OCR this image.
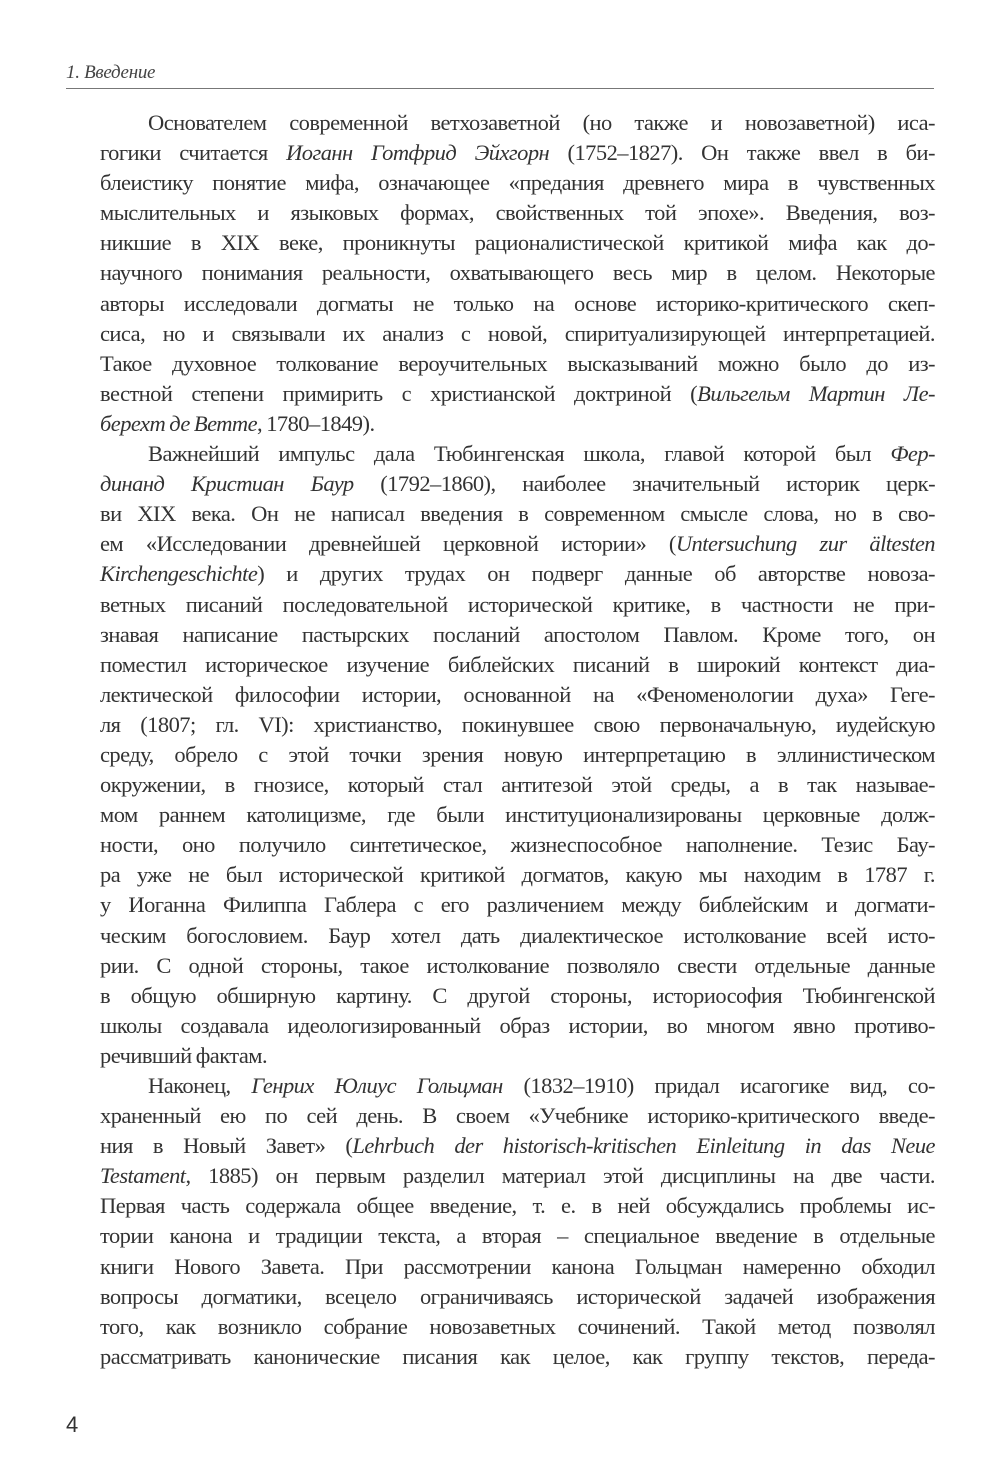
1. Введение
Основателем современной ветхозаветной (но также и новозаветной) иса-
гогики считается Иоганн Готфрид Эйхгорн (1752–1827). Он также ввел в би-
блеистику понятие мифа, означающее «предания древнего мира в чувственных
мыслительных и языковых формах, свойственных той эпохе». Введения, воз-
никшие в XIX веке, проникнуты рационалистической критикой мифа как до-
научного понимания реальности, охватывающего весь мир в целом. Некоторые
авторы исследовали догматы не только на основе историко-критического скеп-
сиса, но и связывали их анализ с новой, спиритуализирующей интерпретацией.
Такое духовное толкование вероучительных высказываний можно было до из-
вестной степени примирить с христианской доктриной (Вильгельм Мартин Ле-
берехт де Ветте, 1780–1849).
Важнейший импульс дала Тюбингенская школа, главой которой был Фер-
динанд Кристиан Баур (1792–1860), наиболее значительный историк церк-
ви XIX века. Он не написал введения в современном смысле слова, но в сво-
ем «Исследовании древнейшей церковной истории» (Untersuchung zur ältesten
Kirchengeschichte) и других трудах он подверг данные об авторстве новоза-
ветных писаний последовательной исторической критике, в частности не при-
знавая написание пастырских посланий апостолом Павлом. Кроме того, он
поместил историческое изучение библейских писаний в широкий контекст диа-
лектической философии истории, основанной на «Феноменологии духа» Геге-
ля (1807; гл. VI): христианство, покинувшее свою первоначальную, иудейскую
среду, обрело с этой точки зрения новую интерпретацию в эллинистическом
окружении, в гнозисе, который стал антитезой этой среды, а в так называе-
мом раннем католицизме, где были институционализированы церковные долж-
ности, оно получило синтетическое, жизнеспособное наполнение. Тезис Бау-
ра уже не был исторической критикой догматов, какую мы находим в 1787 г.
у Иоганна Филиппа Габлера с его различением между библейским и догмати-
ческим богословием. Баур хотел дать диалектическое истолкование всей исто-
рии. С одной стороны, такое истолкование позволяло свести отдельные данные
в общую обширную картину. С другой стороны, историософия Тюбингенской
школы создавала идеологизированный образ истории, во многом явно противо-
речивший фактам.
Наконец, Генрих Юлиус Гольцман (1832–1910) придал исагогике вид, со-
храненный ею по сей день. В своем «Учебнике историко-критического введе-
ния в Новый Завет» (Lehrbuch der historisch-kritischen Einleitung in das Neue
Testament, 1885) он первым разделил материал этой дисциплины на две части.
Первая часть содержала общее введение, т. е. в ней обсуждались проблемы ис-
тории канона и традиции текста, а вторая – специальное введение в отдельные
книги Нового Завета. При рассмотрении канона Гольцман намеренно обходил
вопросы догматики, всецело ограничиваясь исторической задачей изображения
того, как возникло собрание новозаветных сочинений. Такой метод позволял
рассматривать канонические писания как целое, как группу текстов, переда-
4
